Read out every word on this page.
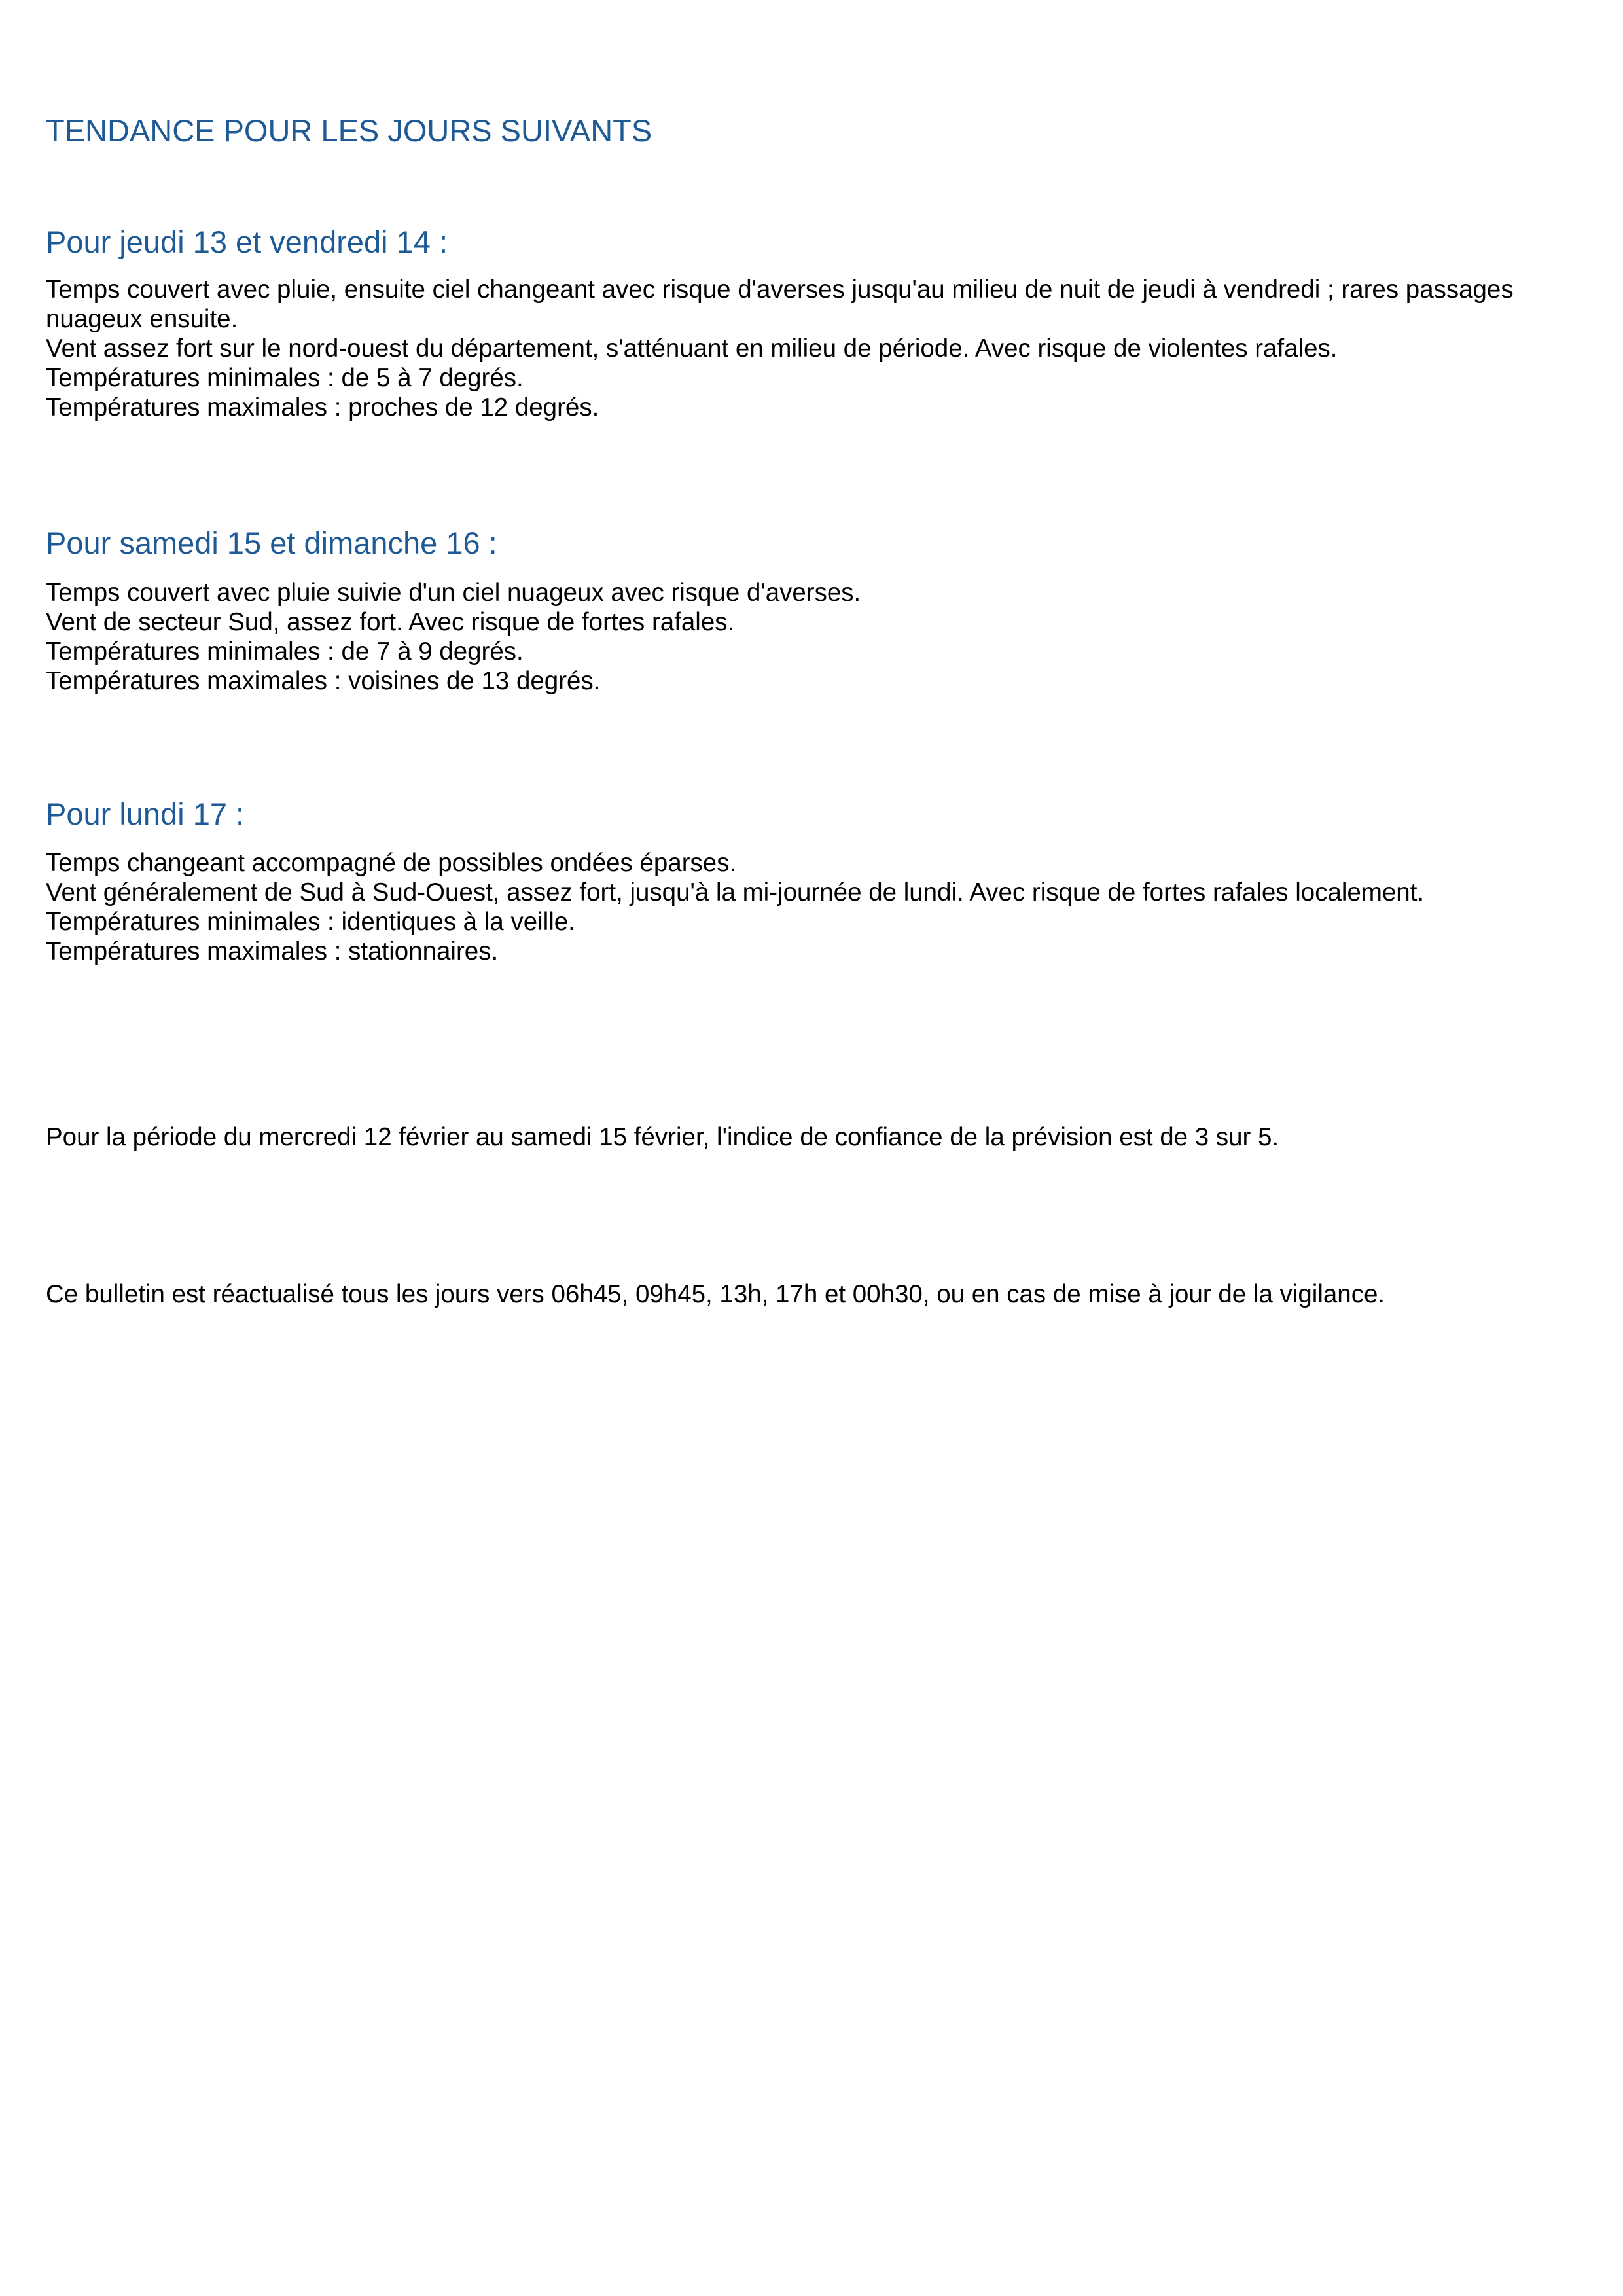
TENDANCE POUR LES JOURS SUIVANTS
Pour jeudi 13 et vendredi 14 :

Temps couvert avec pluie, ensuite ciel changeant avec risque d'averses jusqu'au milieu de nuit de jeudi à vendredi ; rares passages nuageux ensuite.

Vent assez fort sur le nord-ouest du département, s'atténuant en milieu de période. Avec risque de violentes rafales.

Températures minimales : de 5 à 7 degrés.

Températures maximales : proches de 12 degrés.

Pour samedi 15 et dimanche 16 :

Temps couvert avec pluie suivie d'un ciel nuageux avec risque d'averses.

Vent de secteur Sud, assez fort. Avec risque de fortes rafales.

Températures minimales : de 7 à 9 degrés.

Températures maximales : voisines de 13 degrés.

Pour lundi 17 :

Temps changeant accompagné de possibles ondées éparses.

Vent généralement de Sud à Sud-Ouest, assez fort, jusqu'à la mi-journée de lundi. Avec risque de fortes rafales localement.

Températures minimales : identiques à la veille.

Températures maximales : stationnaires.

Pour la période du mercredi 12 février au samedi 15 février, l'indice de confiance de la prévision est de 3 sur 5.

Ce bulletin est réactualisé tous les jours vers 06h45, 09h45, 13h, 17h et 00h30, ou en cas de mise à jour de la vigilance.
